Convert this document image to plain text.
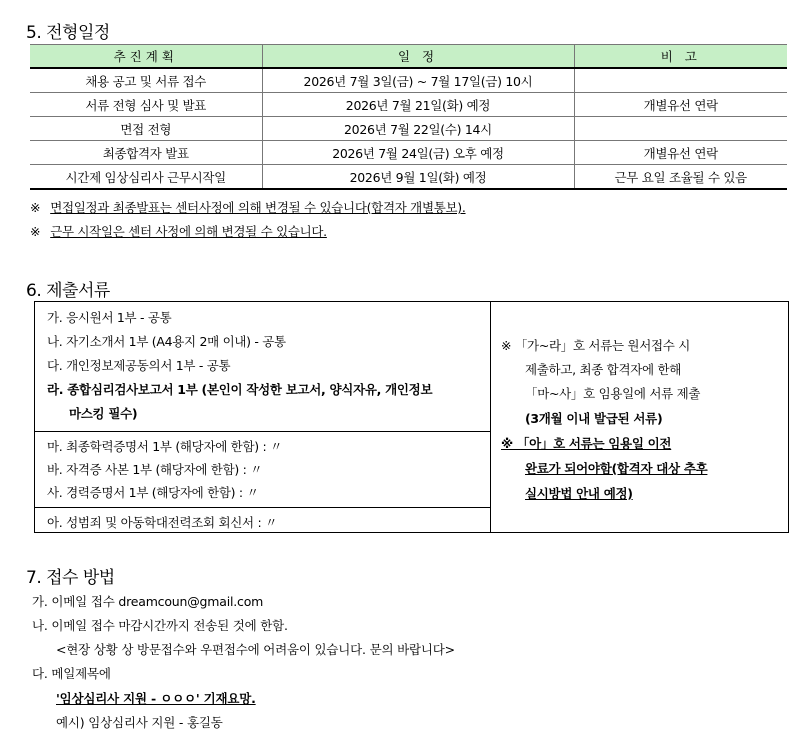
5. 전형일정
추진계획	일 정	비 고
채용 공고 및 서류 접수	2026년 7월 3일(금) ~ 7월 17일(금) 10시	
서류 전형 심사 및 발표	2026년 7월 21일(화) 예정	개별유선 연락
면접 전형	2026년 7월 22일(수) 14시	
최종합격자 발표	2026년 7월 24일(금) 오후 예정	개별유선 연락
시간제 임상심리사 근무시작일	2026년 9월 1일(화) 예정	근무 요일 조율될 수 있음
※ 면접일정과 최종발표는 센터사정에 의해 변경될 수 있습니다(합격자 개별통보).
※ 근무 시작일은 센터 사정에 의해 변경될 수 있습니다.
6. 제출서류
가. 응시원서 1부 - 공통
나. 자기소개서 1부 (A4용지 2매 이내) - 공통
다. 개인정보제공동의서 1부 - 공통
라. 종합심리검사보고서 1부 (본인이 작성한 보고서, 양식자유, 개인정보
마스킹 필수)
마. 최종학력증명서 1부 (해당자에 한함) : 〃
바. 자격증 사본 1부 (해당자에 한함) : 〃
사. 경력증명서 1부 (해당자에 한함) : 〃
아. 성범죄 및 아동학대전력조회 회신서 : 〃
※ 「가~라」호 서류는 원서접수 시
제출하고, 최종 합격자에 한해
「마~사」호 임용일에 서류 제출
(3개월 이내 발급된 서류)
※ 「아」호 서류는 임용일 이전
완료가 되어야함(합격자 대상 추후
실시방법 안내 예정)
7. 접수 방법
가. 이메일 접수 dreamcoun@gmail.com
나. 이메일 접수 마감시간까지 전송된 것에 한함.
<현장 상황 상 방문접수와 우편접수에 어려움이 있습니다. 문의 바랍니다>
다. 메일제목에
'임상심리사 지원 - ㅇㅇㅇ' 기재요망.
예시) 임상심리사 지원 - 홍길동
